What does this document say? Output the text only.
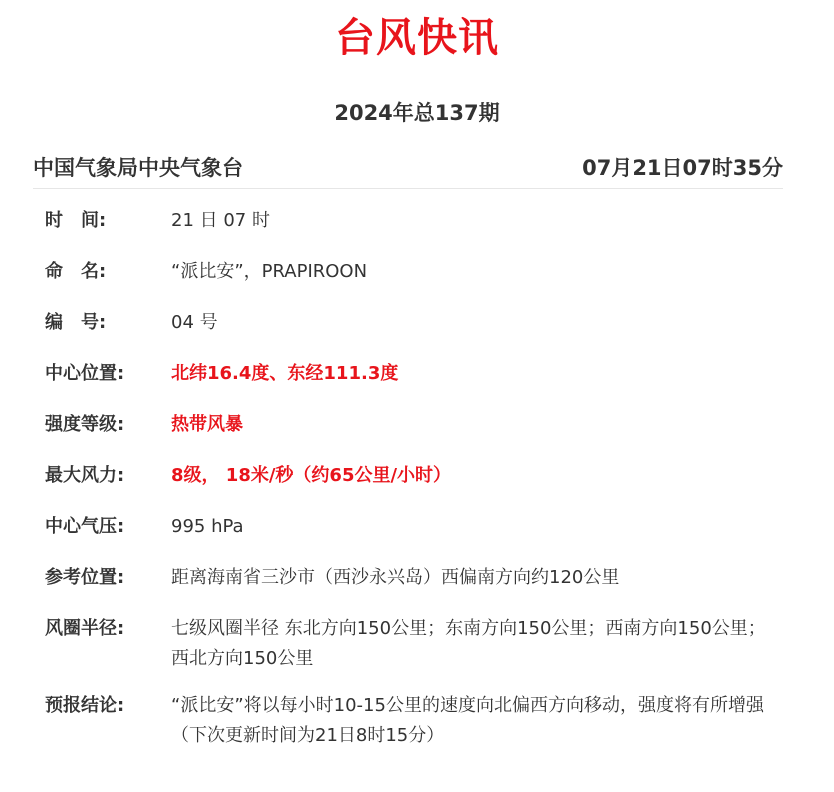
台风快讯
2024年总137期
中国气象局中央气象台	07月21日07时35分
时　间:	21 日 07 时
命　名:	“派比安”，PRAPIROON
编　号:	04 号
中心位置:	北纬16.4度、东经111.3度
强度等级:	热带风暴
最大风力:	8级， 18米/秒（约65公里/小时）
中心气压:	995 hPa
参考位置:	距离海南省三沙市（西沙永兴岛）西偏南方向约120公里
风圈半径:	七级风圈半径 东北方向150公里；东南方向150公里；西南方向150公里；西北方向150公里
预报结论:	“派比安”将以每小时10-15公里的速度向北偏西方向移动，强度将有所增强
（下次更新时间为21日8时15分）
